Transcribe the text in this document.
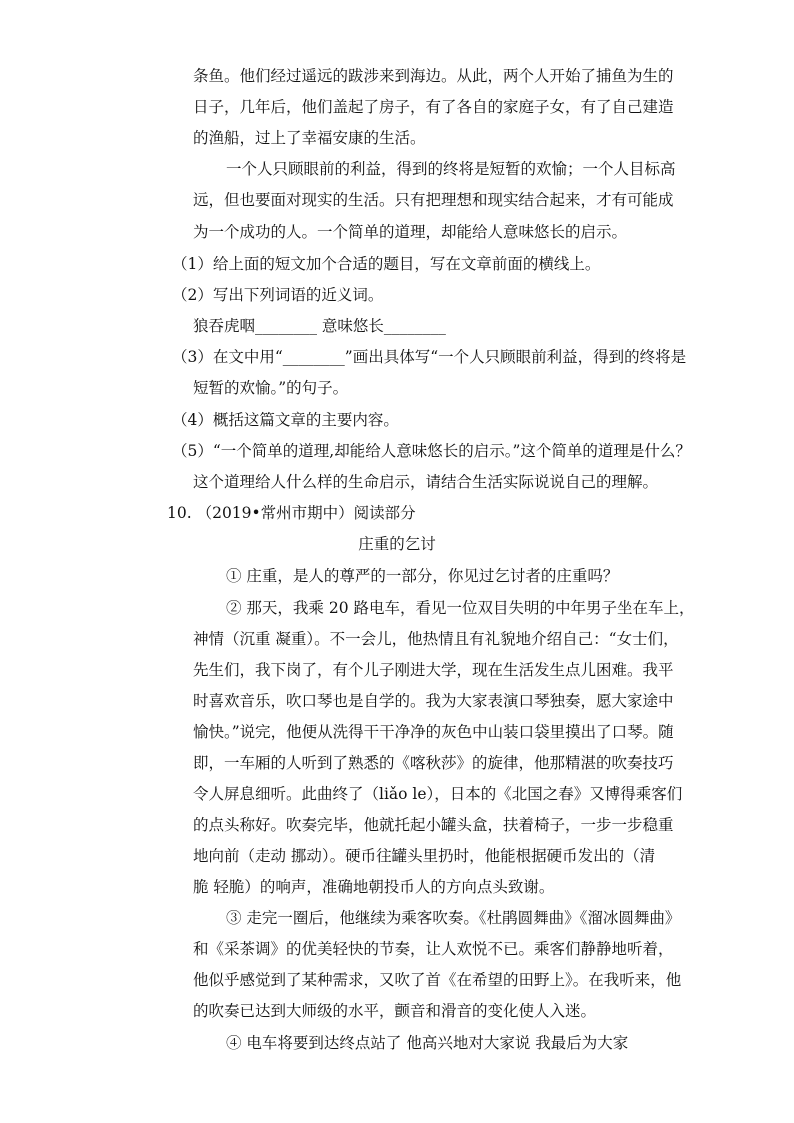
条鱼。他们经过遥远的跋涉来到海边。从此，两个人开始了捕鱼为生的
日子，几年后，他们盖起了房子，有了各自的家庭子女，有了自己建造
的渔船，过上了幸福安康的生活。
一个人只顾眼前的利益，得到的终将是短暂的欢愉；一个人目标高
远，但也要面对现实的生活。只有把理想和现实结合起来，才有可能成
为一个成功的人。一个简单的道理，却能给人意味悠长的启示。
（1）给上面的短文加个合适的题目，写在文章前面的横线上。
（2）写出下列词语的近义词。
狼吞虎咽________ 意味悠长________
（3）在文中用“________”画出具体写“一个人只顾眼前利益，得到的终将是
短暂的欢愉。”的句子。
（4）概括这篇文章的主要内容。
（5）“一个简单的道理,却能给人意味悠长的启示。”这个简单的道理是什么？
这个道理给人什么样的生命启示，请结合生活实际说说自己的理解。
10. （2019•常州市期中）阅读部分
庄重的乞讨
① 庄重，是人的尊严的一部分，你见过乞讨者的庄重吗？
② 那天，我乘 20 路电车，看见一位双目失明的中年男子坐在车上，
神情（沉重 凝重）。不一会儿，他热情且有礼貌地介绍自己：“女士们，
先生们，我下岗了，有个儿子刚进大学，现在生活发生点儿困难。我平
时喜欢音乐，吹口琴也是自学的。我为大家表演口琴独奏，愿大家途中
愉快。”说完，他便从洗得干干净净的灰色中山装口袋里摸出了口琴。随
即，一车厢的人听到了熟悉的《喀秋莎》的旋律，他那精湛的吹奏技巧
令人屏息细听。此曲终了（liǎo le），日本的《北国之春》又博得乘客们
的点头称好。吹奏完毕，他就托起小罐头盒，扶着椅子，一步一步稳重
地向前（走动 挪动）。硬币往罐头里扔时，他能根据硬币发出的（清
脆 轻脆）的响声，准确地朝投币人的方向点头致谢。
③ 走完一圈后，他继续为乘客吹奏。《杜鹃圆舞曲》《溜冰圆舞曲》
和《采茶调》的优美轻快的节奏，让人欢悦不已。乘客们静静地听着，
他似乎感觉到了某种需求，又吹了首《在希望的田野上》。在我听来，他
的吹奏已达到大师级的水平，颤音和滑音的变化使人入迷。
④ 电车将要到达终点站了 他高兴地对大家说 我最后为大家
